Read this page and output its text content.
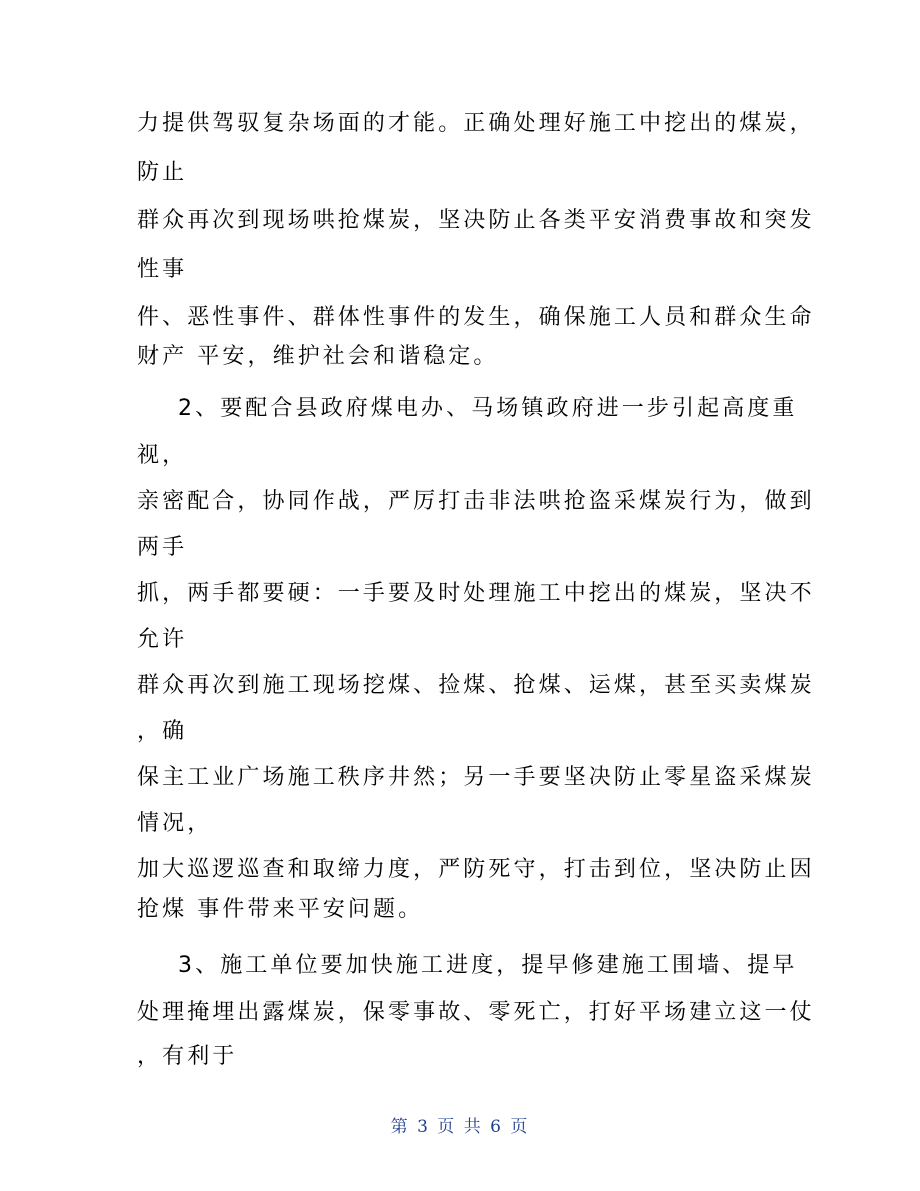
力提供驾驭复杂场面的才能。正确处理好施工中挖出的煤炭，
防止
群众再次到现场哄抢煤炭，坚决防止各类平安消费事故和突发
性事
件、恶性事件、群体性事件的发生，确保施工人员和群众生命
财产 平安，维护社会和谐稳定。
2、要配合县政府煤电办、马场镇政府进一步引起高度重
视，
亲密配合，协同作战，严厉打击非法哄抢盗采煤炭行为，做到
两手
抓，两手都要硬：一手要及时处理施工中挖出的煤炭，坚决不
允许
群众再次到施工现场挖煤、捡煤、抢煤、运煤，甚至买卖煤炭
，确
保主工业广场施工秩序井然；另一手要坚决防止零星盗采煤炭
情况，
加大巡逻巡查和取缔力度，严防死守，打击到位，坚决防止因
抢煤 事件带来平安问题。
3、施工单位要加快施工进度，提早修建施工围墙、提早
处理掩埋出露煤炭，保零事故、零死亡，打好平场建立这一仗
，有利于
第 3 页 共 6 页
